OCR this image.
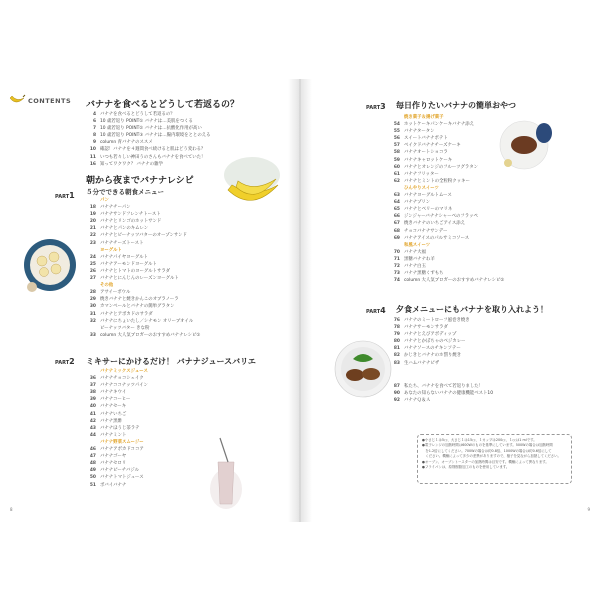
CONTENTS バナナを食べるとどうして若返るの？
4 バナナを食べるとどうして若返るの？
6 10 歳若返り POINT① バナナは…美肌をつくる
7 10 歳若返り POINT② バナナは…抗酸化作用が高い
8 10 歳若返り POINT③ バナナは…腸内環境をととのえる
9 column 青バナナのススメ
10 確認！バナナを４週間食べ続けると肌はどう変わる？
11 いつも若々しい神田うのさんもバナナを食べていた！
16 知ってワクワク？ バナナの雑学
PART1
朝から夜までバナナレシピ
５分でできる朝食メニュー
パン
18 バナナチーパン
19 バナナサンドフレンチトースト
20 バナナとリンゴのホットサンド
21 バナナとパンのキムレン
22 バナナとピーナッツバターのオープンサンド
23 バナナチーズトースト
ヨーグルト
24 バナナパイヤヨーグルト
25 バナナアーモンドヨーグルト
26 バナナとトマトのヨーグルトサラダ
27 バナナとにんじんのレーズンヨーグルト
その他
28 アサイーボウル
29 焼きバナナと焼きかんこのオブラノーラ
30 カマンベールとバナナの簡単グラタン
31 バナナとアボカドのサラダ
32 バナナにちょいたし／シナモン オリーブオイル
ピーナッツバター きな粉
33 column 大人気ブロガーのおすすめバナナレシピ①
PART2 ミキサーにかけるだけ！ バナナジュースバリエ
バナナミックスジュース
36 バナナチョコシェイク
37 バナナココナッツパイン
38 バナナキウイ
39 バナナコーヒー
40 バナナセーキ
41 バナナいちご
42 バナナ黒酢
43 バナナほうじ茶ラテ
44 バナナミント
バナナ野菜スムージー
46 バナナアボカドココア
47 バナナゴーヤ
48 バナナセロリ
49 バナナピーチバジル
50 バナナトマトジュース
51 ボバイバナナ
8
PART3 毎日作りたいバナナの簡単おやつ
焼き菓子＆揚げ菓子
54 ホットケーキパンケーキバナナ添え
55 バナナタータン
56 スイートバナナポテト
57 ベイクドバナナチーズケーキ
58 バナナオートショコラ
59 バナナキャロットケーキ
60 バナナとオレンジのフルーツグラタン
61 バナナフリッター
62 バナナとミントの全粒粉クッキー
ひんやりスイーツ
63 バナナヨーグルトムース
64 バナナプリン
65 バナナとベリーのマリネ
66 ジンジャーバナナシャーベのフラッペ
67 焼きバナナのいちごアイス添え
68 チョコバナナサンデー
69 バナナアイスのパルサミコソース
和風スイーツ
70 バナナ大福
71 黒糖バナナわ羊
72 バナナ白玉
73 バナナ黒糖くずもち
74 column 大人気ブロガーのおすすめバナナレシピ②
PART4 夕食メニューにもバナナを取り入れよう！
76 バナナのミートローフ風巻き焼き
78 バナナサーモンサラダ
79 バナナとえびアボディップ
80 バナナとかぼちゃのベジカレー
81 バナナソースのチキンソテー
82 かじきとバナナのホ罰り焼き
83 生ハムバナナピザ
87 私たち、バナナを食べて若返りました！
90 あなたの知らないバナナの健康機能ベスト10
92 バナナＱ＆Ａ
●小さじ１は5㏄、大さじ１は15㏄、１カップは200㏄、１㏄は1 mlです。
●電子レンジの加熱時間は600Wのものを基準にしています。500Wの場合は加熱時間
　を1.2倍にしてください。700Wの場合は約0.8倍、1000Wの場合は約0.6倍にして
　ください。機種によって多少の差異がありますので、様子を見ながら加熱してください。
●オーブン、オーブントースターの加熱時間は目安です。機種によって異なります。
●フライパンは、原則樹脂加工のものを使用しています。
9
